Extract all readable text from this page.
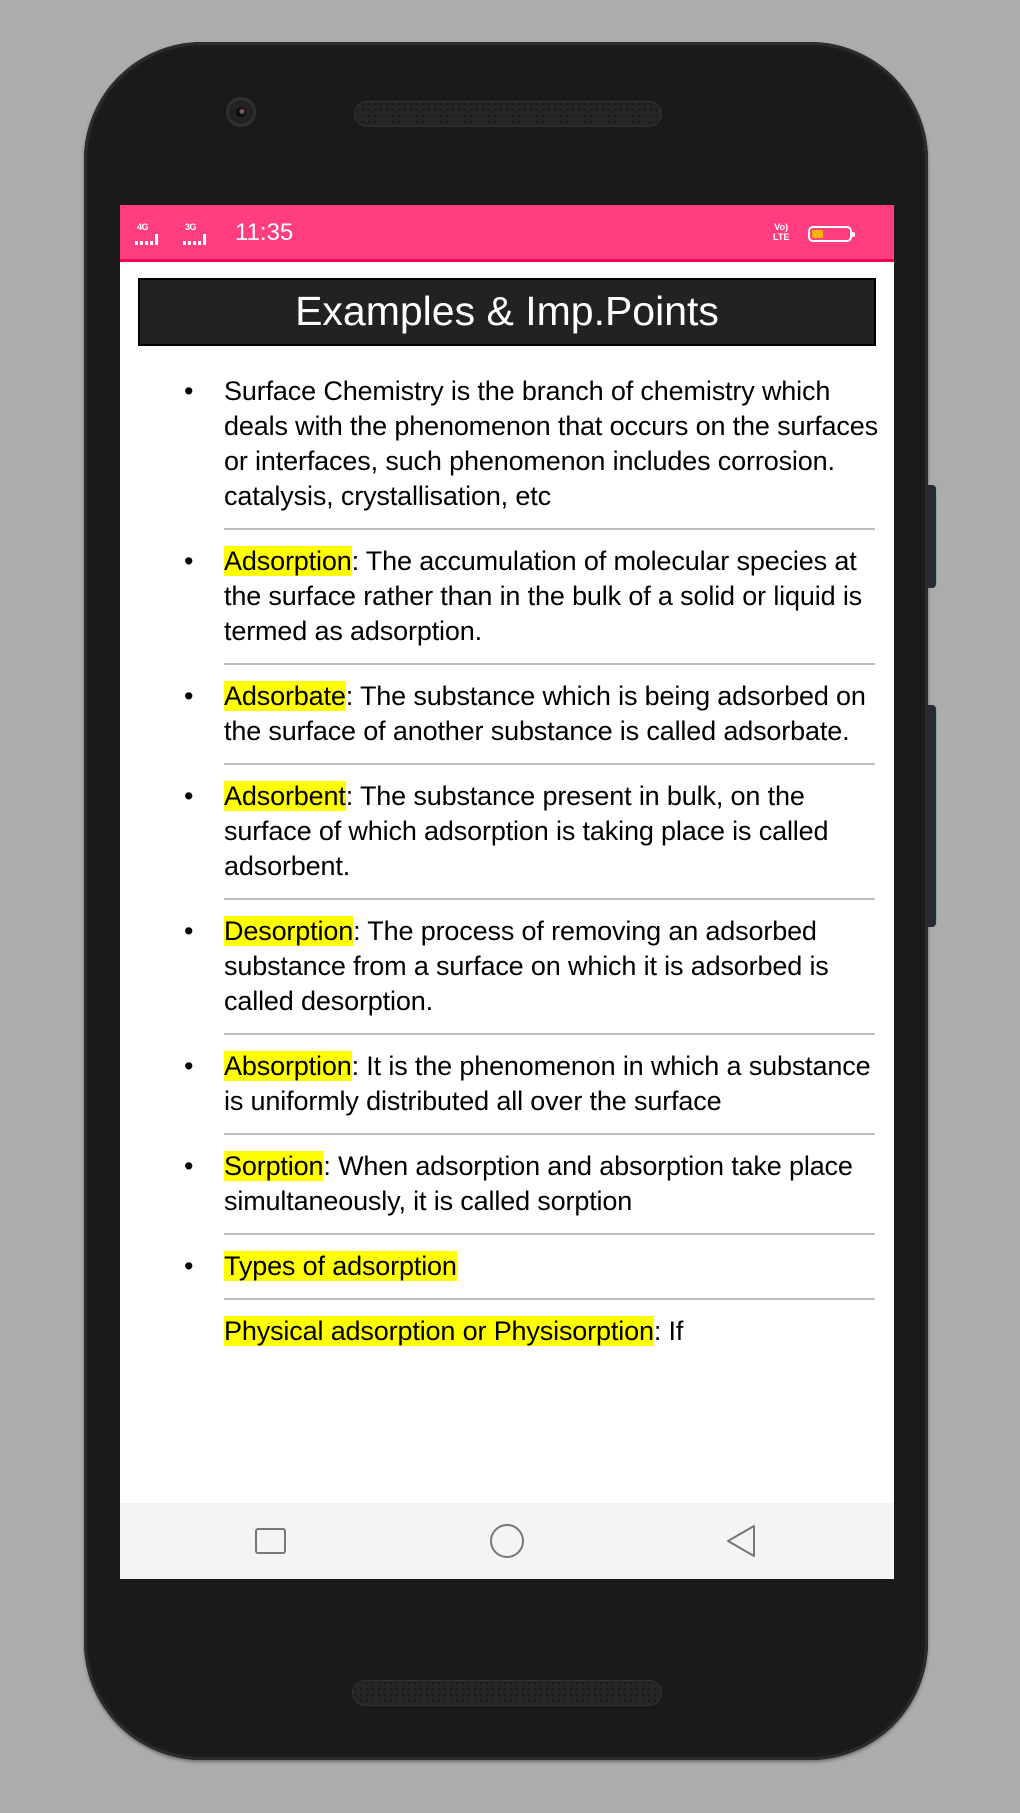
4G	3G 11:35	Vo)
LTE
Examples & Imp.Points
• Surface Chemistry is the branch of chemistry which deals with the phenomenon that occurs on the surfaces or interfaces, such phenomenon includes corrosion. catalysis, crystallisation, etc
• Adsorption: The accumulation of molecular species at the surface rather than in the bulk of a solid or liquid is termed as adsorption.
• Adsorbate: The substance which is being adsorbed on the surface of another substance is called adsorbate.
• Adsorbent: The substance present in bulk, on the surface of which adsorption is taking place is called adsorbent.
• Desorption: The process of removing an adsorbed substance from a surface on which it is adsorbed is called desorption.
• Absorption: It is the phenomenon in which a substance is uniformly distributed all over the surface
• Sorption: When adsorption and absorption take place simultaneously, it is called sorption
• Types of adsorption
Physical adsorption or Physisorption: If
